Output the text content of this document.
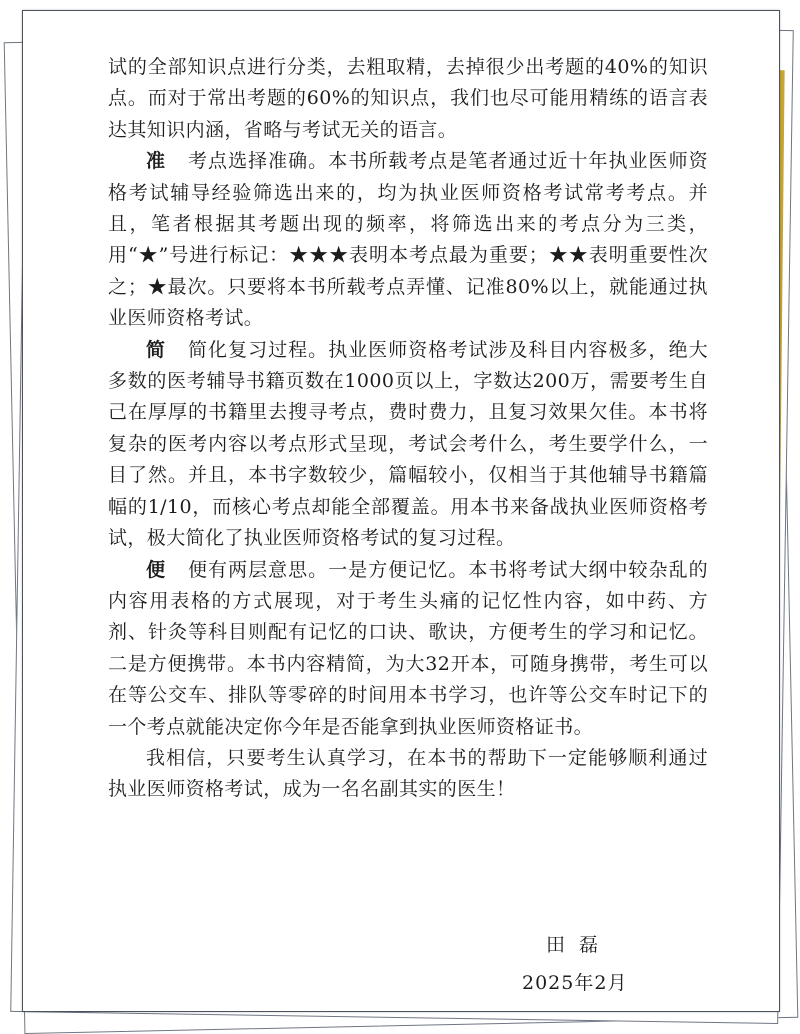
试的全部知识点进行分类，去粗取精，去掉很少出考题的40%的知识点。而对于常出考题的60%的知识点，我们也尽可能用精练的语言表达其知识内涵，省略与考试无关的语言。

准 考点选择准确。本书所载考点是笔者通过近十年执业医师资格考试辅导经验筛选出来的，均为执业医师资格考试常考考点。并且，笔者根据其考题出现的频率，将筛选出来的考点分为三类，用“★”号进行标记：★★★表明本考点最为重要；★★表明重要性次之；★最次。只要将本书所载考点弄懂、记准80%以上，就能通过执业医师资格考试。

简 简化复习过程。执业医师资格考试涉及科目内容极多，绝大多数的医考辅导书籍页数在1000页以上，字数达200万，需要考生自己在厚厚的书籍里去搜寻考点，费时费力，且复习效果欠佳。本书将复杂的医考内容以考点形式呈现，考试会考什么，考生要学什么，一目了然。并且，本书字数较少，篇幅较小，仅相当于其他辅导书籍篇幅的1/10，而核心考点却能全部覆盖。用本书来备战执业医师资格考试，极大简化了执业医师资格考试的复习过程。

便 便有两层意思。一是方便记忆。本书将考试大纲中较杂乱的内容用表格的方式展现，对于考生头痛的记忆性内容，如中药、方剂、针灸等科目则配有记忆的口诀、歌诀，方便考生的学习和记忆。二是方便携带。本书内容精简，为大32开本，可随身携带，考生可以在等公交车、排队等零碎的时间用本书学习，也许等公交车时记下的一个考点就能决定你今年是否能拿到执业医师资格证书。

我相信，只要考生认真学习，在本书的帮助下一定能够顺利通过执业医师资格考试，成为一名名副其实的医生！

田磊
2025年2月
